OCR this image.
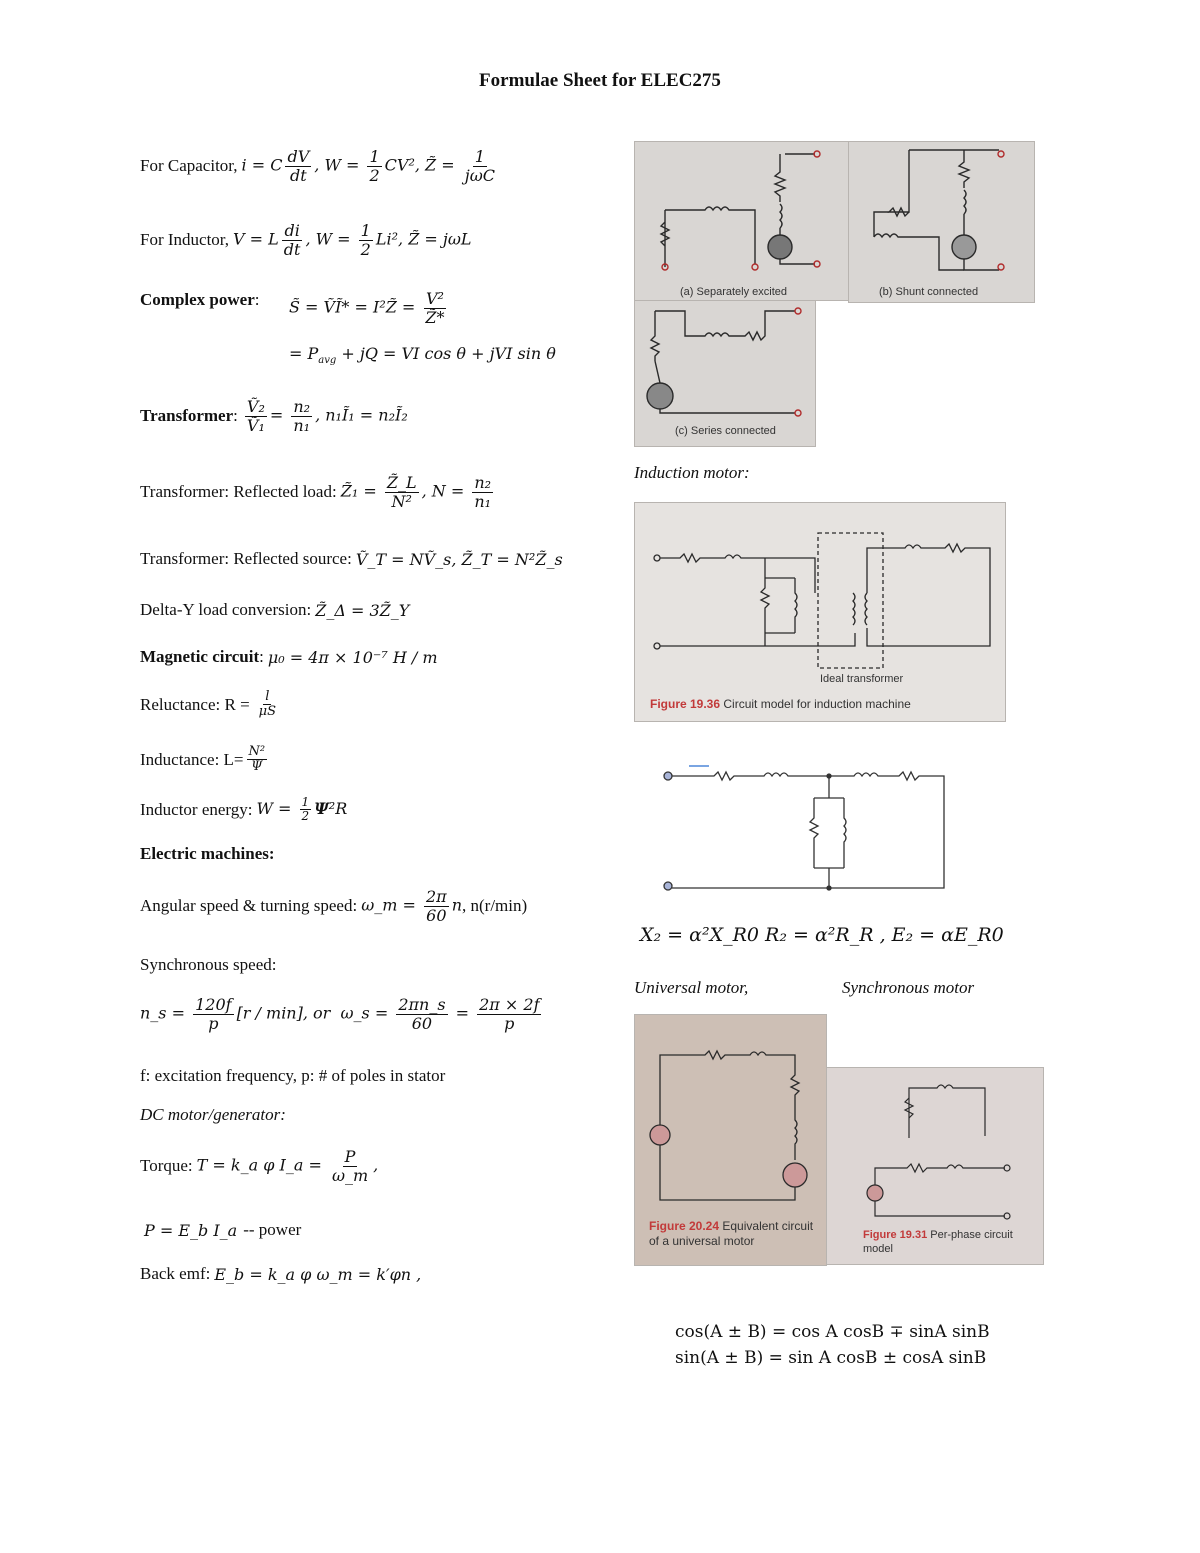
Formulae Sheet for ELEC275
For Capacitor, i = C $\frac{dV}{dt}$ , $W = \frac{1}{2} CV^2$, Z̃ = $\frac{1}{\text{jωC}}$
For Inductor, V = L $\frac{di}{dt}$ , $W = \frac{1}{2} Li^2$, Z̃ = jωL
Complex power : S̃ = ṼĨ* = I²Z̃ = $\frac{\text{V²}}{Z̃*}$
= $P_{avg}$ + jQ = VI cos θ + jVI sin θ
Transformer : $\frac{\text{Ṽ₂}}{\text{Ṽ₁}} = \frac{\text{n₂}}{\text{n₁}}$ , n₁Ĩ₁ = n₂Ĩ₂
Transformer: Reflected load: Z̃₁ = $\frac{Z̃\_L}{\text{N²}}$ , $N = \frac{\text{n₂}}{\text{n₁}}$
Transformer: Reflected source: Ṽ_T = NṼ_s, Z̃_T = N²Z̃_s
Delta-Y load conversion: Z̃_Δ = 3Z̃_Y
Magnetic circuit : μ₀ = 4π × 10⁻⁷ H / m
Reluctance: $R = \frac{l}{\mu S}$
Inductance: $L= \frac{\text{N²}}{\Psi}$
Inductor energy: $W = \frac{1}{2} \Psi^2R$
Electric machines:
Angular speed & turning speed: ω_m = $\frac{2\pi}{60}$ n , n(r/min)
Synchronous speed:
n_s = $\frac{120f}{p} [r / \min]$, or  ω_s = $\frac{2\pi n\_s}{60} = \frac{2\pi \times 2f}{p}$
f: excitation frequency, p: # of poles in stator
DC motor/generator :
Torque: T = k_a φ I_a = $\frac{P}{\omega\_m}$ ,
P = E_b I_a -- power
Back emf: E_b = k_a φ ω_m = k′φn ,
(a) Separately excited	(b) Shunt connected
(c) Series connected
Induction motor:
Ideal transformer
Figure 19.36 Circuit model for induction machine
X₂ = α²X_R0 R₂ = α²R_R , E₂ = αE_R0
Universal motor,	Synchronous motor
Figure 20.24 Equivalent circuit of a universal motor	Figure 19.31 Per-phase circuit model
cos(A ± B) = cos A cosB ∓ sinA sinB
sin(A ± B) = sin A cosB ± cosA sinB
